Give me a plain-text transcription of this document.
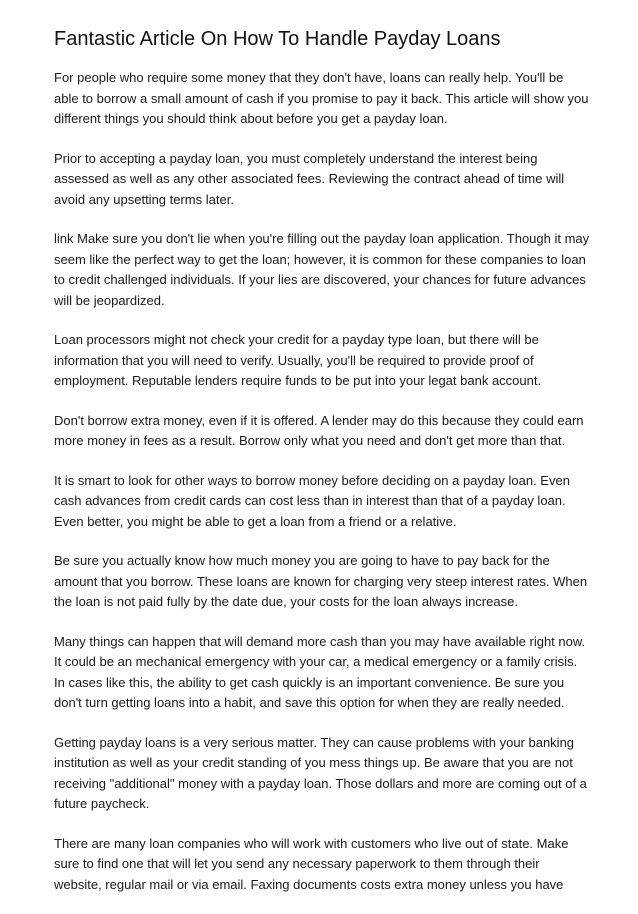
Fantastic Article On How To Handle Payday Loans

For people who require some money that they don't have, loans can really help. You'll be
able to borrow a small amount of cash if you promise to pay it back. This article will show you
different things you should think about before you get a payday loan.

Prior to accepting a payday loan, you must completely understand the interest being
assessed as well as any other associated fees. Reviewing the contract ahead of time will
avoid any upsetting terms later.

link Make sure you don't lie when you're filling out the payday loan application. Though it may
seem like the perfect way to get the loan; however, it is common for these companies to loan
to credit challenged individuals. If your lies are discovered, your chances for future advances
will be jeopardized.

Loan processors might not check your credit for a payday type loan, but there will be
information that you will need to verify. Usually, you'll be required to provide proof of
employment. Reputable lenders require funds to be put into your legat bank account.

Don't borrow extra money, even if it is offered. A lender may do this because they could earn
more money in fees as a result. Borrow only what you need and don't get more than that.

It is smart to look for other ways to borrow money before deciding on a payday loan. Even
cash advances from credit cards can cost less than in interest than that of a payday loan.
Even better, you might be able to get a loan from a friend or a relative.

Be sure you actually know how much money you are going to have to pay back for the
amount that you borrow. These loans are known for charging very steep interest rates. When
the loan is not paid fully by the date due, your costs for the loan always increase.

Many things can happen that will demand more cash than you may have available right now.
It could be an mechanical emergency with your car, a medical emergency or a family crisis.
In cases like this, the ability to get cash quickly is an important convenience. Be sure you
don't turn getting loans into a habit, and save this option for when they are really needed.

Getting payday loans is a very serious matter. They can cause problems with your banking
institution as well as your credit standing of you mess things up. Be aware that you are not
receiving "additional" money with a payday loan. Those dollars and more are coming out of a
future paycheck.

There are many loan companies who will work with customers who live out of state. Make
sure to find one that will let you send any necessary paperwork to them through their
website, regular mail or via email. Faxing documents costs extra money unless you have
